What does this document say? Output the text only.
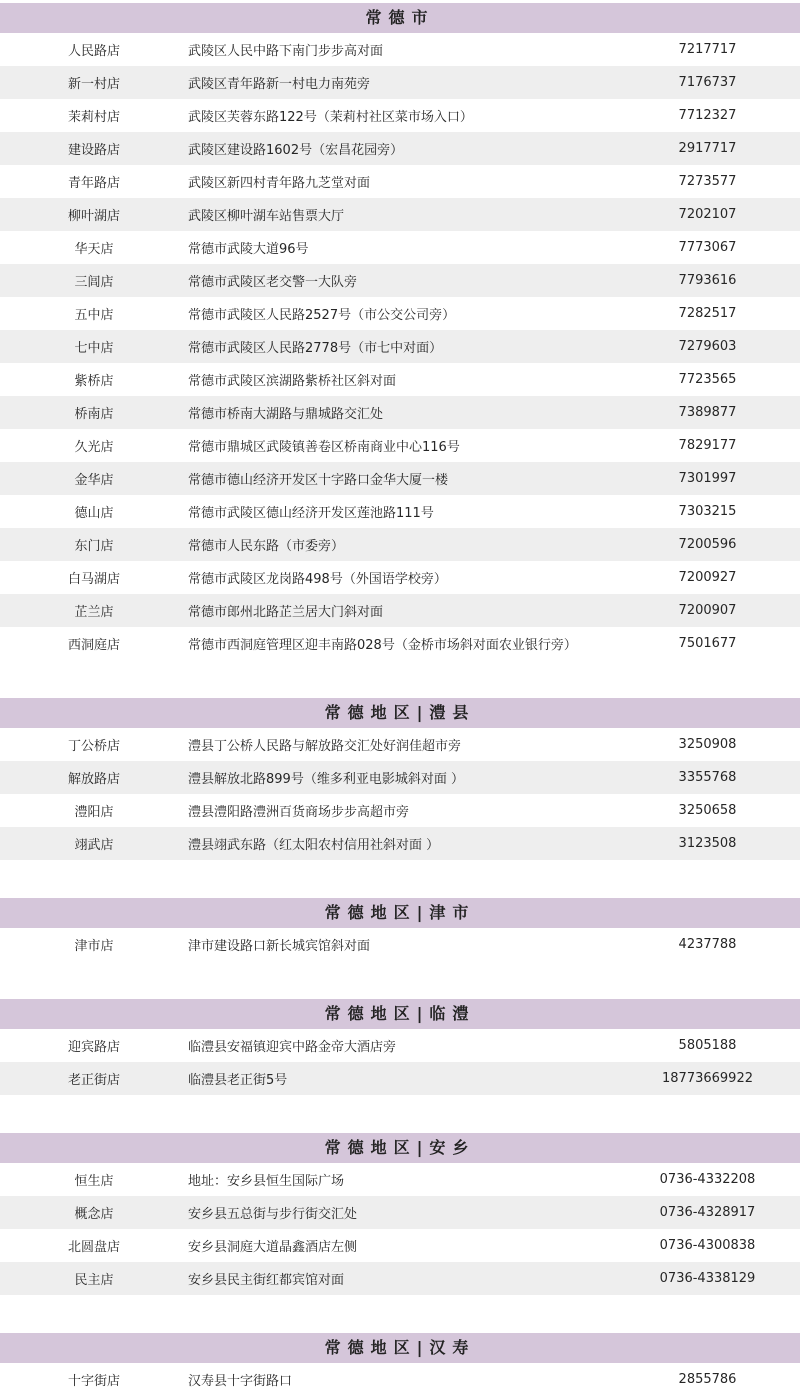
常德市
人民路店	武陵区人民中路下南门步步高对面	7217717
新一村店	武陵区青年路新一村电力南苑旁	7176737
茉莉村店	武陵区芙蓉东路122号（茉莉村社区菜市场入口）	7712327
建设路店	武陵区建设路1602号（宏昌花园旁）	2917717
青年路店	武陵区新四村青年路九芝堂对面	7273577
柳叶湖店	武陵区柳叶湖车站售票大厅	7202107
华天店	常德市武陵大道96号	7773067
三闾店	常德市武陵区老交警一大队旁	7793616
五中店	常德市武陵区人民路2527号（市公交公司旁）	7282517
七中店	常德市武陵区人民路2778号（市七中对面）	7279603
紫桥店	常德市武陵区滨湖路紫桥社区斜对面	7723565
桥南店	常德市桥南大湖路与鼎城路交汇处	7389877
久光店	常德市鼎城区武陵镇善卷区桥南商业中心116号	7829177
金华店	常德市德山经济开发区十字路口金华大厦一楼	7301997
德山店	常德市武陵区德山经济开发区莲池路111号	7303215
东门店	常德市人民东路（市委旁）	7200596
白马湖店	常德市武陵区龙岗路498号（外国语学校旁）	7200927
芷兰店	常德市郎州北路芷兰居大门斜对面	7200907
西洞庭店	常德市西洞庭管理区迎丰南路028号（金桥市场斜对面农业银行旁）	7501677
常德地区|澧县
丁公桥店	澧县丁公桥人民路与解放路交汇处好润佳超市旁	3250908
解放路店	澧县解放北路899号（维多利亚电影城斜对面 ）	3355768
澧阳店	澧县澧阳路澧洲百货商场步步高超市旁	3250658
翊武店	澧县翊武东路（红太阳农村信用社斜对面 ）	3123508
常德地区|津市
津市店	津市建设路口新长城宾馆斜对面	4237788
常德地区|临澧
迎宾路店	临澧县安福镇迎宾中路金帝大酒店旁	5805188
老正街店	临澧县老正街5号	18773669922
常德地区|安乡
恒生店	地址：安乡县恒生国际广场	0736-4332208
概念店	安乡县五总街与步行街交汇处	0736-4328917
北圆盘店	安乡县洞庭大道晶鑫酒店左侧	0736-4300838
民主店	安乡县民主街红都宾馆对面	0736-4338129
常德地区|汉寿
十字街店	汉寿县十字街路口	2855786
